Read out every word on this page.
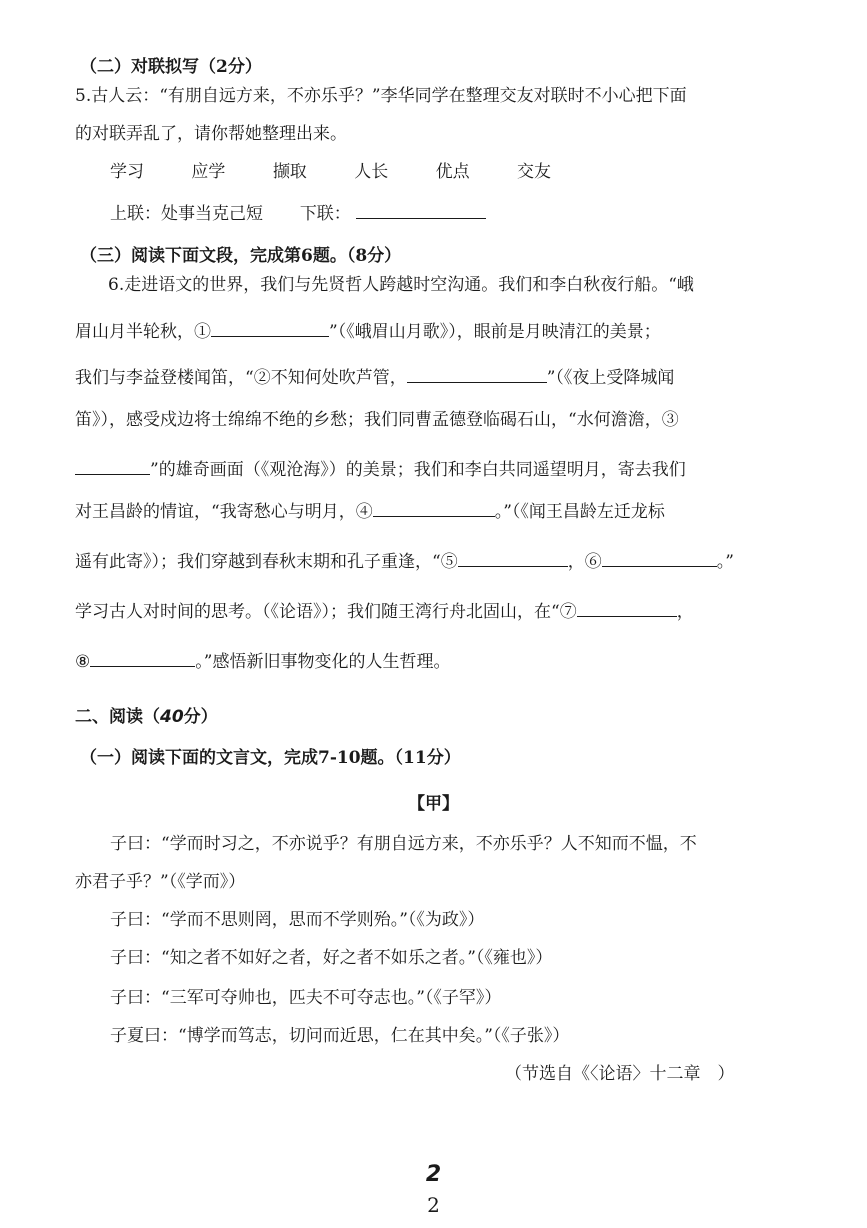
（二）对联拟写（2分）
5.古人云：“有朋自远方来，不亦乐乎？”李华同学在整理交友对联时不小心把下面
的对联弄乱了，请你帮她整理出来。
学习	应学	撷取	人长	优点	交友
上联：处事当克己短 下联：
（三）阅读下面文段，完成第6题。（8分）
6.走进语文的世界，我们与先贤哲人跨越时空沟通。我们和李白秋夜行船。“峨
眉山月半轮秋，①	”（《峨眉山月歌》），眼前是月映清江的美景；
我们与李益登楼闻笛，“②不知何处吹芦管，	”（《夜上受降城闻
笛》），感受戍边将士绵绵不绝的乡愁；我们同曹孟德登临碣石山，“水何澹澹，③
”的雄奇画面（《观沧海》）的美景；我们和李白共同遥望明月，寄去我们
对王昌龄的情谊，“我寄愁心与明月，④	。”（《闻王昌龄左迁龙标
遥有此寄》）；我们穿越到春秋末期和孔子重逢，“⑤	，⑥	。”
学习古人对时间的思考。（《论语》）；我们随王湾行舟北固山，在“⑦	，
⑧	。”感悟新旧事物变化的人生哲理。
二、阅读（40分）
（一）阅读下面的文言文，完成7-10题。（11分）
【甲】
子曰：“学而时习之，不亦说乎？有朋自远方来，不亦乐乎？人不知而不愠，不
亦君子乎？”（《学而》）
子曰：“学而不思则罔，思而不学则殆。”（《为政》）
子曰：“知之者不如好之者，好之者不如乐之者。”（《雍也》）
子曰：“三军可夺帅也，匹夫不可夺志也。”（《子罕》）
子夏曰：“博学而笃志，切问而近思，仁在其中矣。”（《子张》）
（节选自《〈论语〉十二章　）
2
2
